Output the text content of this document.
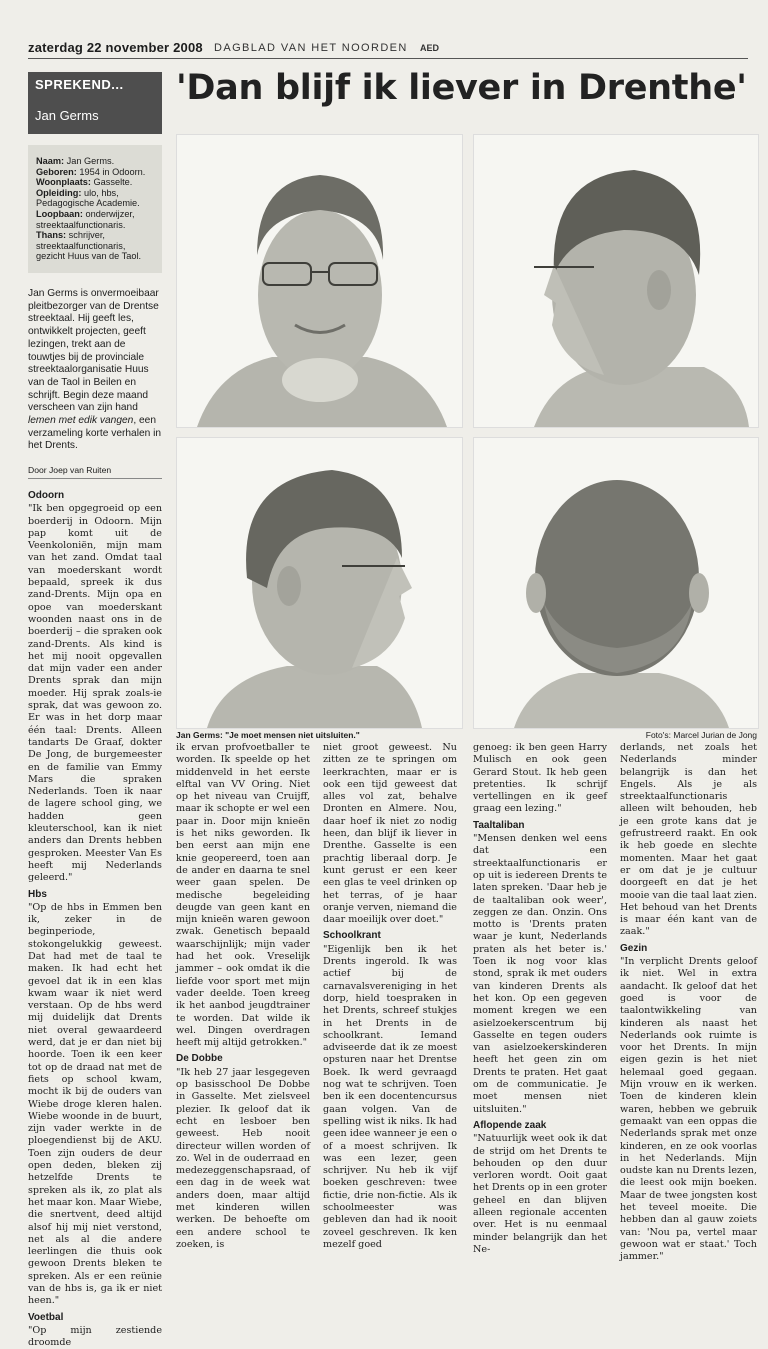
zaterdag 22 november 2008 DAGBLAD VAN HET NOORDEN AED
SPREKEND...
Jan Germs
Naam: Jan Germs.
Geboren: 1954 in Odoorn.
Woonplaats: Gasselte.
Opleiding: ulo, hbs, Pedagogische Academie.
Loopbaan: onderwijzer, streektaalfunctionaris.
Thans: schrijver, streektaalfunctionaris, gezicht Huus van de Taol.
Jan Germs is onvermoeibaar pleitbezorger van de Drentse streektaal. Hij geeft les, ontwikkelt projecten, geeft lezingen, trekt aan de touwtjes bij de provinciale streektaalorganisatie Huus van de Taol in Beilen en schrijft. Begin deze maand verscheen van zijn hand lemen met edik vangen, een verzameling korte verhalen in het Drents.
Door Joep van Ruiten
'Dan blijf ik liever in Drenthe'
Jan Germs: "Je moet mensen niet uitsluiten."	Foto's: Marcel Jurian de Jong
Odoorn

"Ik ben opgegroeid op een boerderij in Odoorn. Mijn pap komt uit de Veenkoloniën, mijn mam van het zand. Omdat taal van moederskant wordt bepaald, spreek ik dus zand-Drents. Mijn opa en opoe van moederskant woonden naast ons in de boerderij – die spraken ook zand-Drents. Als kind is het mij nooit opgevallen dat mijn vader een ander Drents sprak dan mijn moeder. Hij sprak zoals-ie sprak, dat was gewoon zo. Er was in het dorp maar één taal: Drents. Alleen tandarts De Graaf, dokter De Jong, de burgemeester en de familie van Emmy Mars die spraken Nederlands. Toen ik naar de lagere school ging, we hadden geen kleuterschool, kan ik niet anders dan Drents hebben gesproken. Meester Van Es heeft mij Nederlands geleerd."

Hbs

"Op de hbs in Emmen ben ik, zeker in de beginperiode, stokongelukkig geweest. Dat had met de taal te maken. Ik had echt het gevoel dat ik in een klas kwam waar ik niet werd verstaan. Op de hbs werd mij duidelijk dat Drents niet overal gewaardeerd werd, dat je er dan niet bij hoorde. Toen ik een keer tot op de draad nat met de fiets op school kwam, mocht ik bij de ouders van Wiebe droge kleren halen. Wiebe woonde in de buurt, zijn vader werkte in de ploegendienst bij de AKU. Toen zijn ouders de deur open deden, bleken zij hetzelfde Drents te spreken als ik, zo plat als het maar kon. Maar Wiebe, die snertvent, deed altijd alsof hij mij niet verstond, net als al die andere leerlingen die thuis ook gewoon Drents bleken te spreken. Als er een reünie van de hbs is, ga ik er niet heen."

Voetbal

"Op mijn zestiende droomde

ik ervan profvoetballer te worden. Ik speelde op het middenveld in het eerste elftal van VV Oring. Niet op het niveau van Cruijff, maar ik schopte er wel een paar in. Door mijn knieën is het niks geworden. Ik ben eerst aan mijn ene knie geopereerd, toen aan de ander en daarna te snel weer gaan spelen. De medische begeleiding deugde van geen kant en mijn knieën waren gewoon zwak. Genetisch bepaald waarschijnlijk; mijn vader had het ook. Vreselijk jammer – ook omdat ik die liefde voor sport met mijn vader deelde. Toen kreeg ik het aanbod jeugdtrainer te worden. Dat wilde ik wel. Dingen overdragen heeft mij altijd getrokken."

De Dobbe

"Ik heb 27 jaar lesgegeven op basisschool De Dobbe in Gasselte. Met zielsveel plezier. Ik geloof dat ik echt en lesboer ben geweest. Heb nooit directeur willen worden of zo. Wel in de ouderraad en medezeggenschapsraad, of een dag in de week wat anders doen, maar altijd met kinderen willen werken. De behoefte om een andere school te zoeken, is

niet groot geweest. Nu zitten ze te springen om leerkrachten, maar er is ook een tijd geweest dat alles vol zat, behalve Dronten en Almere. Nou, daar hoef ik niet zo nodig heen, dan blijf ik liever in Drenthe. Gasselte is een prachtig liberaal dorp. Je kunt gerust er een keer een glas te veel drinken op het terras, of je haar oranje verven, niemand die daar moeilijk over doet."

Schoolkrant

"Eigenlijk ben ik het Drents ingerold. Ik was actief bij de carnavalsvereniging in het dorp, hield toespraken in het Drents, schreef stukjes in het Drents in de schoolkrant. Iemand adviseerde dat ik ze moest opsturen naar het Drentse Boek. Ik werd gevraagd nog wat te schrijven. Toen ben ik een docentencursus gaan volgen. Van de spelling wist ik niks. Ik had geen idee wanneer je een o of a moest schrijven. Ik was een lezer, geen schrijver. Nu heb ik vijf boeken geschreven: twee fictie, drie non-fictie. Als ik schoolmeester was gebleven dan had ik nooit zoveel geschreven. Ik ken mezelf goed

genoeg: ik ben geen Harry Mulisch en ook geen Gerard Stout. Ik heb geen pretenties. Ik schrijf vertellingen en ik geef graag een lezing."

Taaltaliban

"Mensen denken wel eens dat een streektaalfunctionaris er op uit is iedereen Drents te laten spreken. 'Daar heb je de taaltaliban ook weer', zeggen ze dan. Onzin. Ons motto is 'Drents praten waar je kunt, Nederlands praten als het beter is.' Toen ik nog voor klas stond, sprak ik met ouders van kinderen Drents als het kon. Op een gegeven moment kregen we een asielzoekerscentrum bij Gasselte en tegen ouders van asielzoekerskinderen heeft het geen zin om Drents te praten. Het gaat om de communicatie. Je moet mensen niet uitsluiten."

Aflopende zaak

"Natuurlijk weet ook ik dat de strijd om het Drents te behouden op den duur verloren wordt. Ooit gaat het Drents op in een groter geheel en dan blijven alleen regionale accenten over. Het is nu eenmaal minder belangrijk dan het Ne-

derlands, net zoals het Nederlands minder belangrijk is dan het Engels. Als je als streektaalfunctionaris alleen wilt behouden, heb je een grote kans dat je gefrustreerd raakt. En ook ik heb goede en slechte momenten. Maar het gaat er om dat je je cultuur doorgeeft en dat je het mooie van die taal laat zien. Het behoud van het Drents is maar één kant van de zaak."

Gezin

"In verplicht Drents geloof ik niet. Wel in extra aandacht. Ik geloof dat het goed is voor de taalontwikkeling van kinderen als naast het Nederlands ook ruimte is voor het Drents. In mijn eigen gezin is het niet helemaal goed gegaan. Mijn vrouw en ik werken. Toen de kinderen klein waren, hebben we gebruik gemaakt van een oppas die Nederlands sprak met onze kinderen, en ze ook voorlas in het Nederlands. Mijn oudste kan nu Drents lezen, die leest ook mijn boeken. Maar de twee jongsten kost het teveel moeite. Die hebben dan al gauw zoiets van: 'Nou pa, vertel maar gewoon wat er staat.' Toch jammer."
